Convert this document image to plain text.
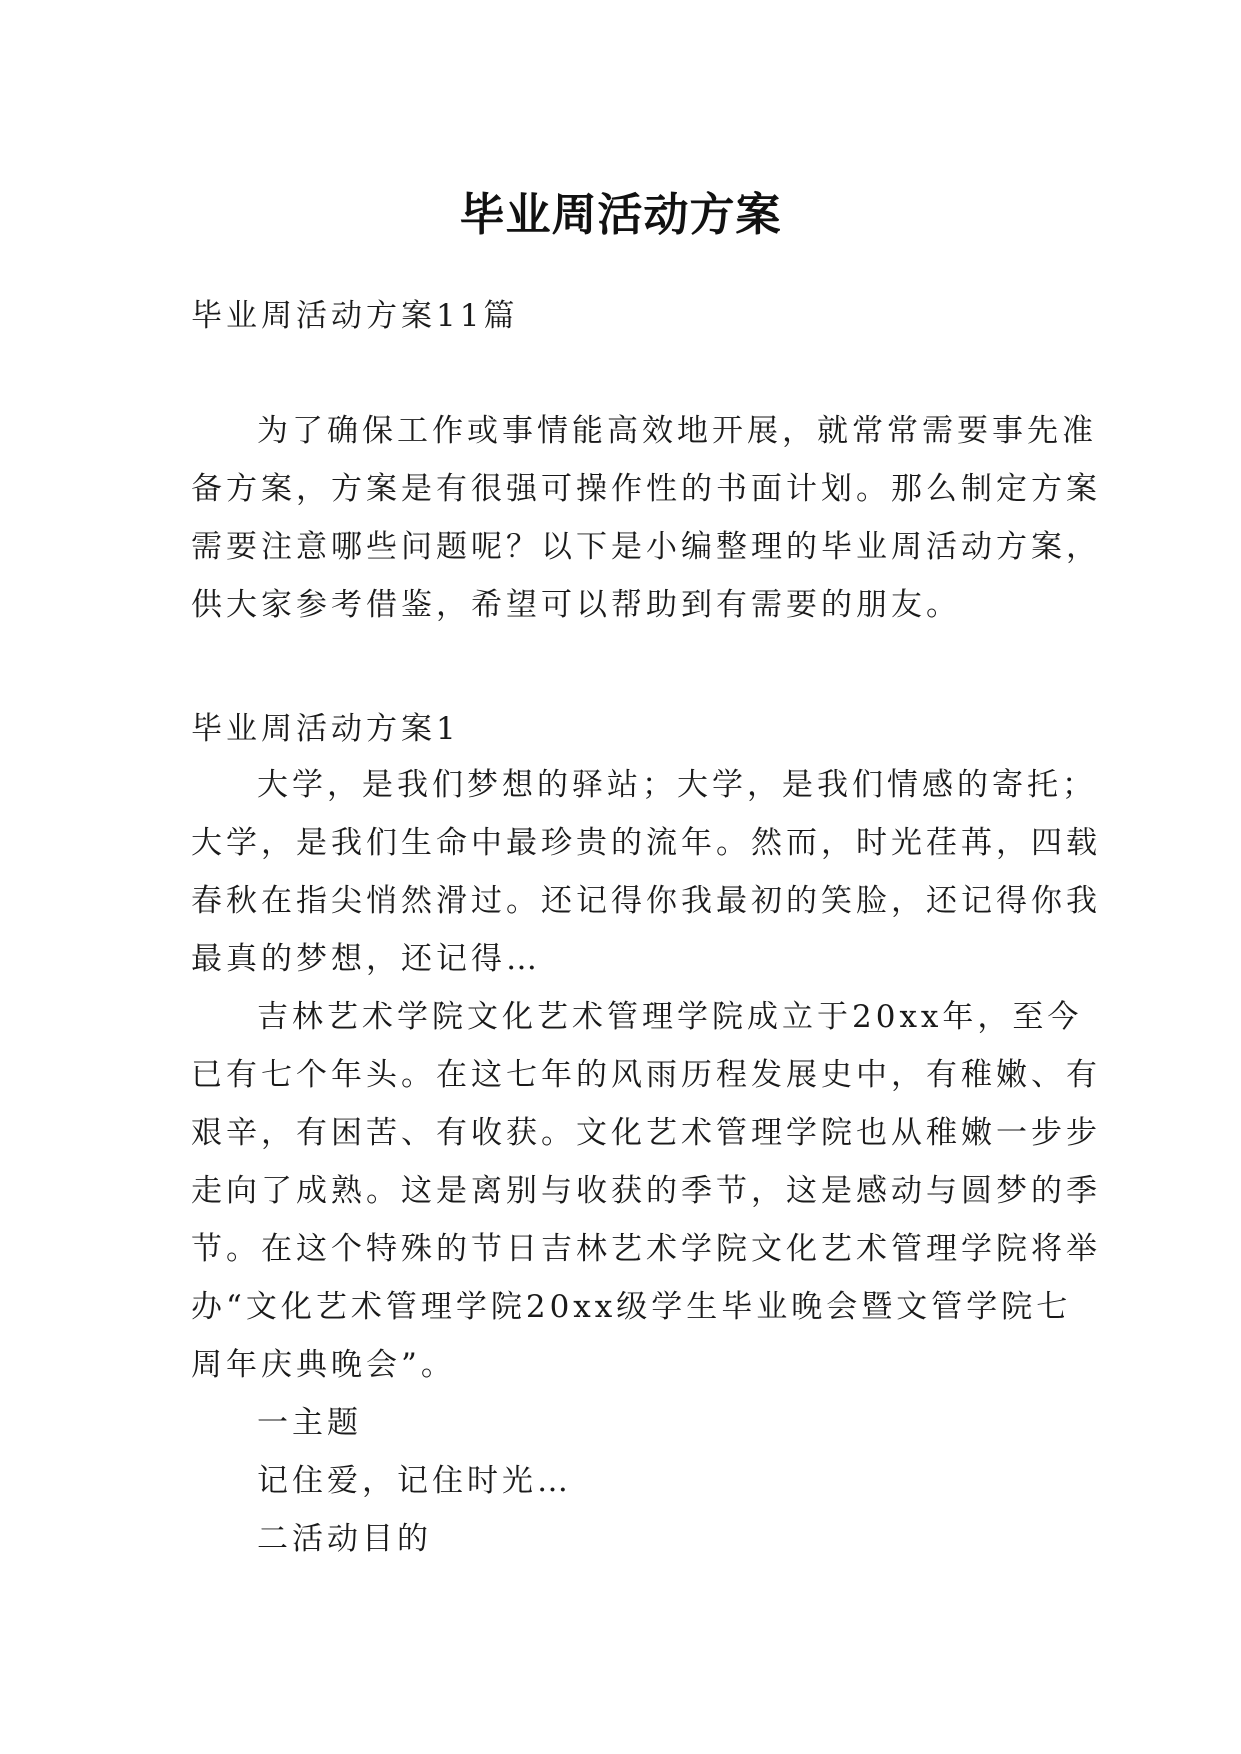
毕业周活动方案
毕业周活动方案11篇
为了确保工作或事情能高效地开展，就常常需要事先准
备方案，方案是有很强可操作性的书面计划。那么制定方案
需要注意哪些问题呢？以下是小编整理的毕业周活动方案，
供大家参考借鉴，希望可以帮助到有需要的朋友。
毕业周活动方案1
大学，是我们梦想的驿站；大学，是我们情感的寄托；
大学，是我们生命中最珍贵的流年。然而，时光荏苒，四载
春秋在指尖悄然滑过。还记得你我最初的笑脸，还记得你我
最真的梦想，还记得…
吉林艺术学院文化艺术管理学院成立于20xx年，至今
已有七个年头。在这七年的风雨历程发展史中，有稚嫩、有
艰辛，有困苦、有收获。文化艺术管理学院也从稚嫩一步步
走向了成熟。这是离别与收获的季节，这是感动与圆梦的季
节。在这个特殊的节日吉林艺术学院文化艺术管理学院将举
办“文化艺术管理学院20xx级学生毕业晚会暨文管学院七
周年庆典晚会”。
一主题
记住爱，记住时光…
二活动目的
